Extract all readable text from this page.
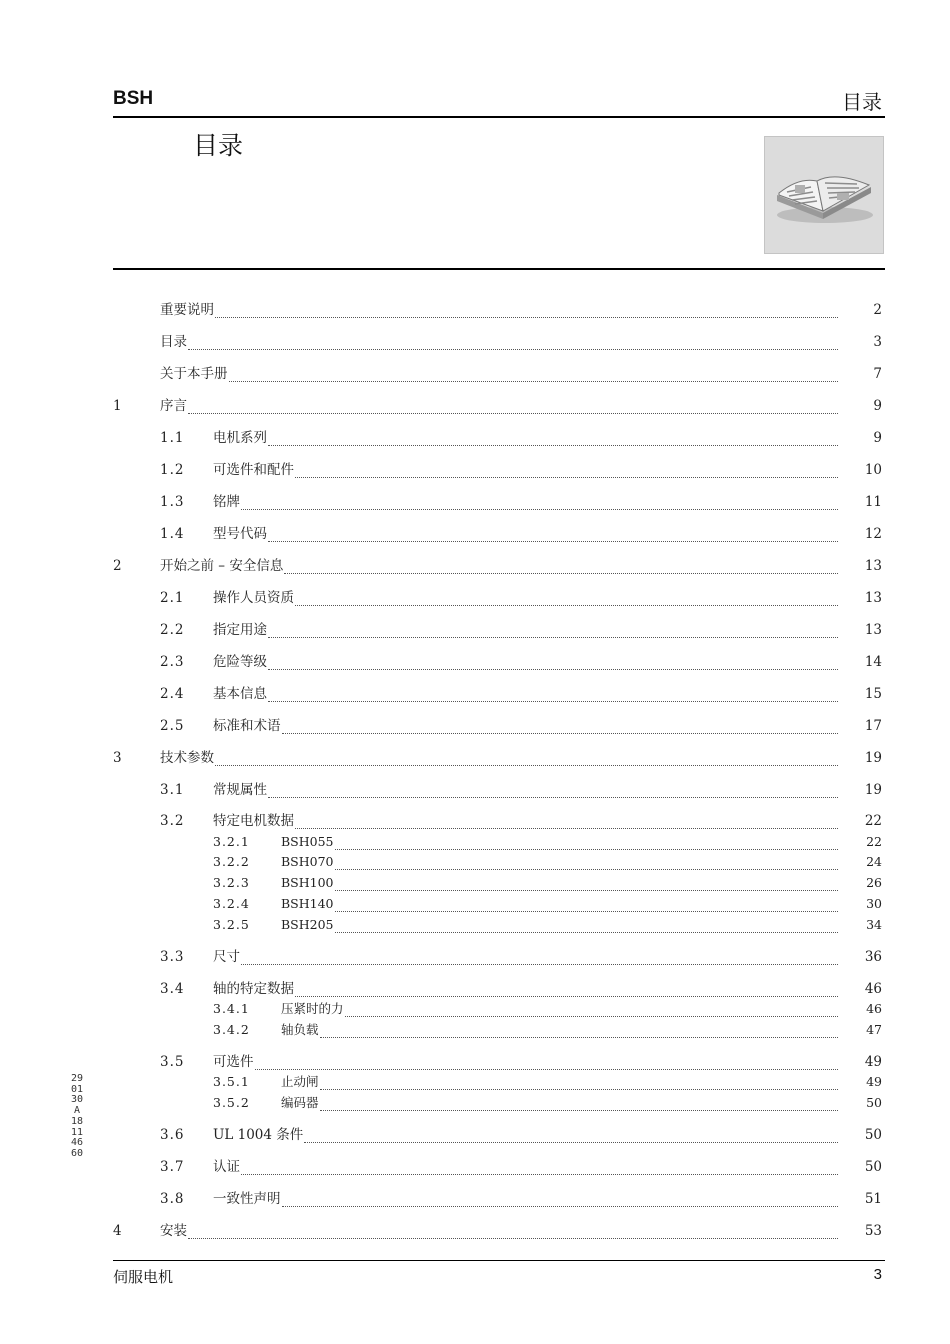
BSH	目录
目录
重要说明	2
目录	3
关于本手册	7
1	序言	9
1.1 电机系列	9
1.2 可选件和配件	10
1.3 铭牌	11
1.4 型号代码	12
2	开始之前 – 安全信息	13
2.1 操作人员资质	13
2.2 指定用途	13
2.3 危险等级	14
2.4 基本信息	15
2.5 标准和术语	17
3	技术参数	19
3.1 常规属性	19
3.2 特定电机数据	22
3.2.1 BSH055	22
3.2.2 BSH070	24
3.2.3 BSH100	26
3.2.4 BSH140	30
3.2.5 BSH205	34
3.3 尺寸	36
3.4 轴的特定数据	46
3.4.1 压紧时的力	46
3.4.2 轴负载	47
3.5 可选件	49
3.5.1 止动闸	49
3.5.2 编码器	50
3.6 UL 1004 条件	50
3.7 认证	50
3.8 一致性声明	51
4	安装	53
2901 30A 18114660
伺服电机	3
